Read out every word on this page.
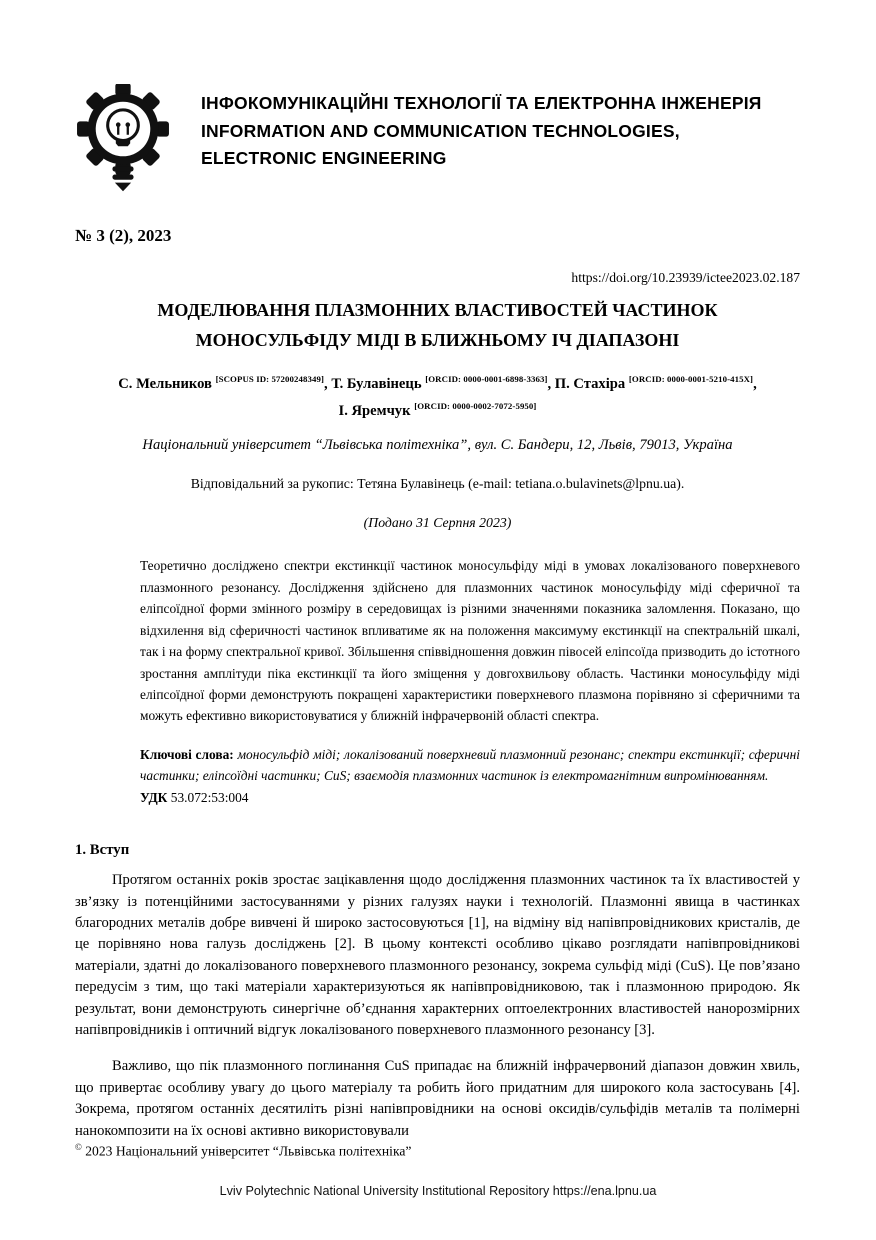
ІНФОКОМУНІКАЦІЙНІ ТЕХНОЛОГІЇ ТА ЕЛЕКТРОННА ІНЖЕНЕРІЯ
INFORMATION AND COMMUNICATION TECHNOLOGIES,
ELECTRONIC ENGINEERING
№ 3 (2), 2023
https://doi.org/10.23939/ictee2023.02.187
МОДЕЛЮВАННЯ ПЛАЗМОННИХ ВЛАСТИВОСТЕЙ ЧАСТИНОК
МОНОСУЛЬФІДУ МІДІ В БЛИЖНЬОМУ ІЧ ДІАПАЗОНІ
С. Мельников [SCOPUS ID: 57200248349], Т. Булавінець [ORCID: 0000-0001-6898-3363], П. Стахіра [ORCID: 0000-0001-5210-415X],
І. Яремчук [ORCID: 0000-0002-7072-5950]
Національний університет “Львівська політехніка”, вул. С. Бандери, 12, Львів, 79013, Україна
Відповідальний за рукопис: Тетяна Булавінець (e-mail: tetiana.o.bulavinets@lpnu.ua).
(Подано 31 Серпня 2023)
Теоретично досліджено спектри екстинкції частинок моносульфіду міді в умовах локалізованого поверхневого плазмонного резонансу. Дослідження здійснено для плазмонних частинок моносульфіду міді сферичної та еліпсоїдної форми змінного розміру в середовищах із різними значеннями показника заломлення. Показано, що відхилення від сферичності частинок впливатиме як на положення максимуму екстинкції на спектральній шкалі, так і на форму спектральної кривої. Збільшення співвідношення довжин півосей еліпсоїда призводить до істотного зростання амплітуди піка екстинкції та його зміщення у довгохвильову область. Частинки моносульфіду міді еліпсоїдної форми демонструють покращені характеристики поверхневого плазмона порівняно зі сферичними та можуть ефективно використовуватися у ближній інфрачервоній області спектра.
Ключові слова: моносульфід міді; локалізований поверхневий плазмонний резонанс; спектри екстинкції; сферичні частинки; еліпсоїдні частинки; CuS; взаємодія плазмонних частинок із електромагнітним випромінюванням.
УДК 53.072:53:004
1. Вступ

Протягом останніх років зростає зацікавлення щодо дослідження плазмонних частинок та їх властивостей у зв’язку із потенційними застосуваннями у різних галузях науки і технологій. Плазмонні явища в частинках благородних металів добре вивчені й широко застосовуються [1], на відміну від напівпровідникових кристалів, де це порівняно нова галузь досліджень [2]. В цьому контексті особливо цікаво розглядати напівпровідникові матеріали, здатні до локалізованого поверхневого плазмонного резонансу, зокрема сульфід міді (CuS). Це пов’язано передусім з тим, що такі матеріали характеризуються як напівпровідниковою, так і плазмонною природою. Як результат, вони демонструють синергічне об’єднання характерних оптоелектронних властивостей нанорозмірних напівпровідників і оптичний відгук локалізованого поверхневого плазмонного резонансу [3].

Важливо, що пік плазмонного поглинання CuS припадає на ближній інфрачервоний діапазон довжин хвиль, що привертає особливу увагу до цього матеріалу та робить його придатним для широкого кола застосувань [4]. Зокрема, протягом останніх десятиліть різні напівпровідники на основі оксидів/сульфідів металів та полімерні нанокомпозити на їх основі активно використовували

© 2023 Національний університет “Львівська політехніка”
Lviv Polytechnic National University Institutional Repository https://ena.lpnu.ua
